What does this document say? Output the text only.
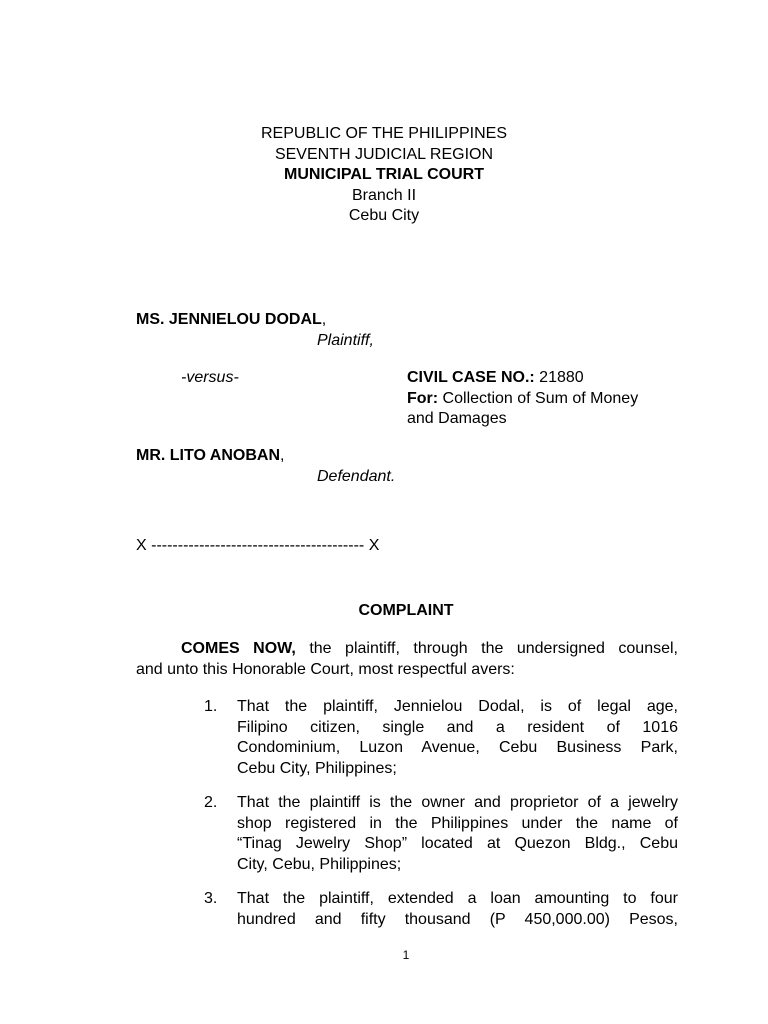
REPUBLIC OF THE PHILIPPINES
SEVENTH JUDICIAL REGION
MUNICIPAL TRIAL COURT
Branch II
Cebu City
MS. JENNIELOU DODAL,
Plaintiff,
-versus-	CIVIL CASE NO.: 21880
For: Collection of Sum of Money
and Damages
MR. LITO ANOBAN,
Defendant.
X ---------------------------------------- X
COMPLAINT
COMES NOW, the plaintiff, through the undersigned counsel,
and unto this Honorable Court, most respectful avers:
1.	That the plaintiff, Jennielou Dodal, is of legal age,
Filipino citizen, single and a resident of 1016
Condominium, Luzon Avenue, Cebu Business Park,
Cebu City, Philippines;
2.	That the plaintiff is the owner and proprietor of a jewelry
shop registered in the Philippines under the name of
“Tinag Jewelry Shop” located at Quezon Bldg., Cebu
City, Cebu, Philippines;
3.	That the plaintiff, extended a loan amounting to four
hundred and fifty thousand (P 450,000.00) Pesos,
1
